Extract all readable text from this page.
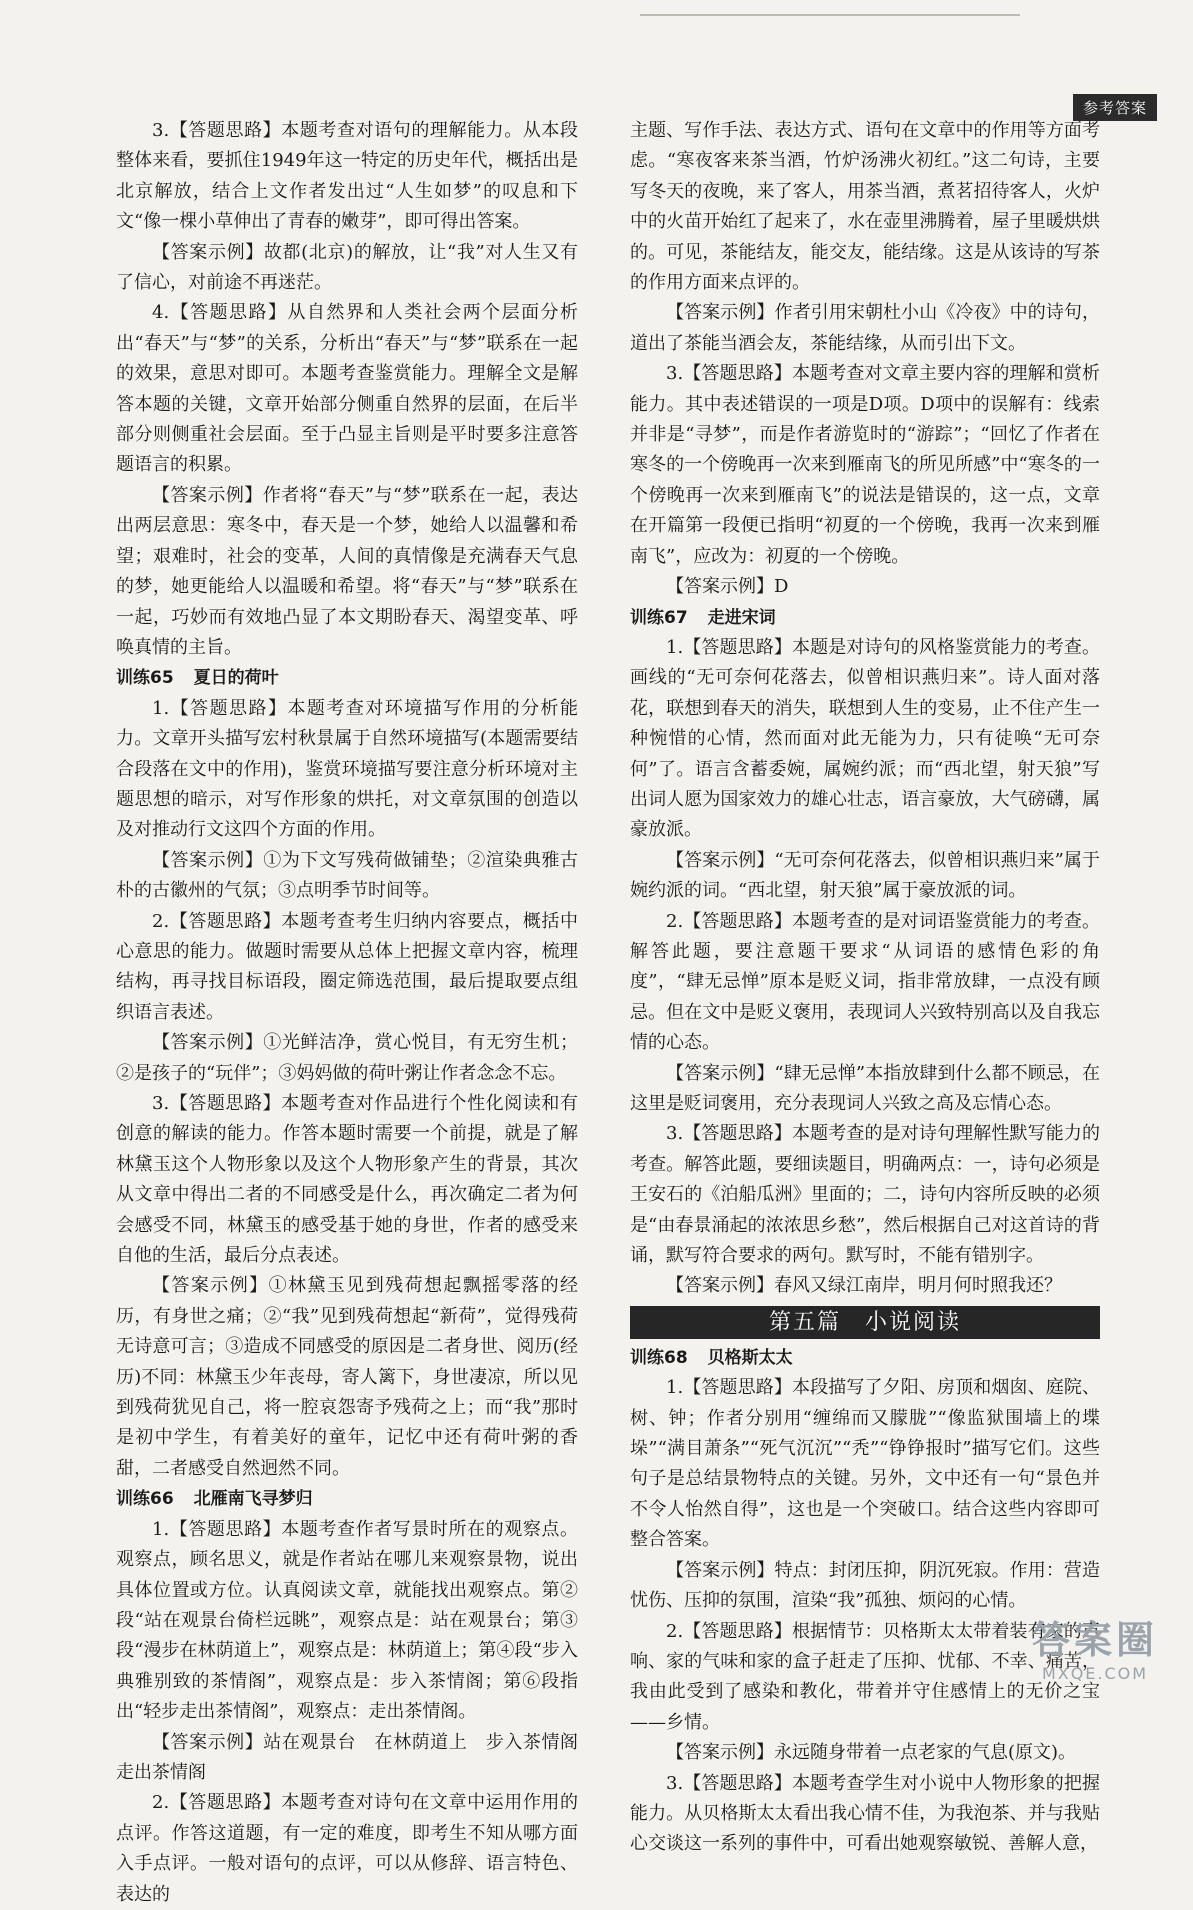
参考答案

3.【答题思路】本题考查对语句的理解能力。从本段整体来看，要抓住1949年这一特定的历史年代，概括出是北京解放，结合上文作者发出过“人生如梦”的叹息和下文“像一棵小草伸出了青春的嫩芽”，即可得出答案。

【答案示例】故都(北京)的解放，让“我”对人生又有了信心，对前途不再迷茫。

4.【答题思路】从自然界和人类社会两个层面分析出“春天”与“梦”的关系，分析出“春天”与“梦”联系在一起的效果，意思对即可。本题考查鉴赏能力。理解全文是解答本题的关键，文章开始部分侧重自然界的层面，在后半部分则侧重社会层面。至于凸显主旨则是平时要多注意答题语言的积累。

【答案示例】作者将“春天”与“梦”联系在一起，表达出两层意思：寒冬中，春天是一个梦，她给人以温馨和希望；艰难时，社会的变革，人间的真情像是充满春天气息的梦，她更能给人以温暖和希望。将“春天”与“梦”联系在一起，巧妙而有效地凸显了本文期盼春天、渴望变革、呼唤真情的主旨。

训练65 夏日的荷叶

1.【答题思路】本题考查对环境描写作用的分析能力。文章开头描写宏村秋景属于自然环境描写(本题需要结合段落在文中的作用)，鉴赏环境描写要注意分析环境对主题思想的暗示，对写作形象的烘托，对文章氛围的创造以及对推动行文这四个方面的作用。

【答案示例】①为下文写残荷做铺垫；②渲染典雅古朴的古徽州的气氛；③点明季节时间等。

2.【答题思路】本题考查考生归纳内容要点，概括中心意思的能力。做题时需要从总体上把握文章内容，梳理结构，再寻找目标语段，圈定筛选范围，最后提取要点组织语言表述。

【答案示例】①光鲜洁净，赏心悦目，有无穷生机；②是孩子的“玩伴”；③妈妈做的荷叶粥让作者念念不忘。

3.【答题思路】本题考查对作品进行个性化阅读和有创意的解读的能力。作答本题时需要一个前提，就是了解林黛玉这个人物形象以及这个人物形象产生的背景，其次从文章中得出二者的不同感受是什么，再次确定二者为何会感受不同，林黛玉的感受基于她的身世，作者的感受来自他的生活，最后分点表述。

【答案示例】①林黛玉见到残荷想起飘摇零落的经历，有身世之痛；②“我”见到残荷想起“新荷”，觉得残荷无诗意可言；③造成不同感受的原因是二者身世、阅历(经历)不同：林黛玉少年丧母，寄人篱下，身世凄凉，所以见到残荷犹见自己，将一腔哀怨寄予残荷之上；而“我”那时是初中学生，有着美好的童年，记忆中还有荷叶粥的香甜，二者感受自然迥然不同。

训练66 北雁南飞寻梦归

1.【答题思路】本题考查作者写景时所在的观察点。观察点，顾名思义，就是作者站在哪儿来观察景物，说出具体位置或方位。认真阅读文章，就能找出观察点。第②段“站在观景台倚栏远眺”，观察点是：站在观景台；第③段“漫步在林荫道上”，观察点是：林荫道上；第④段“步入典雅别致的茶情阁”，观察点是：步入茶情阁；第⑥段指出“轻步走出茶情阁”，观察点：走出茶情阁。

【答案示例】站在观景台　在林荫道上　步入茶情阁　走出茶情阁

2.【答题思路】本题考查对诗句在文章中运用作用的点评。作答这道题，有一定的难度，即考生不知从哪方面入手点评。一般对语句的点评，可以从修辞、语言特色、表达的

主题、写作手法、表达方式、语句在文章中的作用等方面考虑。“寒夜客来茶当酒，竹炉汤沸火初红。”这二句诗，主要写冬天的夜晚，来了客人，用茶当酒，煮茗招待客人，火炉中的火苗开始红了起来了，水在壶里沸腾着，屋子里暖烘烘的。可见，茶能结友，能交友，能结缘。这是从该诗的写茶的作用方面来点评的。

【答案示例】作者引用宋朝杜小山《冷夜》中的诗句，道出了茶能当酒会友，茶能结缘，从而引出下文。

3.【答题思路】本题考查对文章主要内容的理解和赏析能力。其中表述错误的一项是D项。D项中的误解有：线索并非是“寻梦”，而是作者游览时的“游踪”；“回忆了作者在寒冬的一个傍晚再一次来到雁南飞的所见所感”中“寒冬的一个傍晚再一次来到雁南飞”的说法是错误的，这一点，文章在开篇第一段便已指明“初夏的一个傍晚，我再一次来到雁南飞”，应改为：初夏的一个傍晚。

【答案示例】D

训练67 走进宋词

1.【答题思路】本题是对诗句的风格鉴赏能力的考查。画线的“无可奈何花落去，似曾相识燕归来”。诗人面对落花，联想到春天的消失，联想到人生的变易，止不住产生一种惋惜的心情，然而面对此无能为力，只有徒唤“无可奈何”了。语言含蓄委婉，属婉约派；而“西北望，射天狼”写出词人愿为国家效力的雄心壮志，语言豪放，大气磅礴，属豪放派。

【答案示例】“无可奈何花落去，似曾相识燕归来”属于婉约派的词。“西北望，射天狼”属于豪放派的词。

2.【答题思路】本题考查的是对词语鉴赏能力的考查。解答此题，要注意题干要求“从词语的感情色彩的角度”，“肆无忌惮”原本是贬义词，指非常放肆，一点没有顾忌。但在文中是贬义褒用，表现词人兴致特别高以及自我忘情的心态。

【答案示例】“肆无忌惮”本指放肆到什么都不顾忌，在这里是贬词褒用，充分表现词人兴致之高及忘情心态。

3.【答题思路】本题考查的是对诗句理解性默写能力的考查。解答此题，要细读题目，明确两点：一，诗句必须是王安石的《泊船瓜洲》里面的；二，诗句内容所反映的必须是“由春景涌起的浓浓思乡愁”，然后根据自己对这首诗的背诵，默写符合要求的两句。默写时，不能有错别字。

【答案示例】春风又绿江南岸，明月何时照我还？

第五篇　小说阅读
训练68 贝格斯太太

1.【答题思路】本段描写了夕阳、房顶和烟囱、庭院、树、钟；作者分别用“缠绵而又朦胧”“像监狱围墙上的堞垛”“满目萧条”“死气沉沉”“秃”“铮铮报时”描写它们。这些句子是总结景物特点的关键。另外，文中还有一句“景色并不令人怡然自得”，这也是一个突破口。结合这些内容即可整合答案。

【答案示例】特点：封闭压抑，阴沉死寂。作用：营造忧伤、压抑的氛围，渲染“我”孤独、烦闷的心情。

2.【答题思路】根据情节：贝格斯太太带着装有家的声响、家的气味和家的盒子赶走了压抑、忧郁、不幸、痛苦，我由此受到了感染和教化，带着并守住感情上的无价之宝——乡情。

【答案示例】永远随身带着一点老家的气息(原文)。

3.【答题思路】本题考查学生对小说中人物形象的把握能力。从贝格斯太太看出我心情不佳，为我泡茶、并与我贴心交谈这一系列的事件中，可看出她观察敏锐、善解人意，

答案圈
MXQE.COM
